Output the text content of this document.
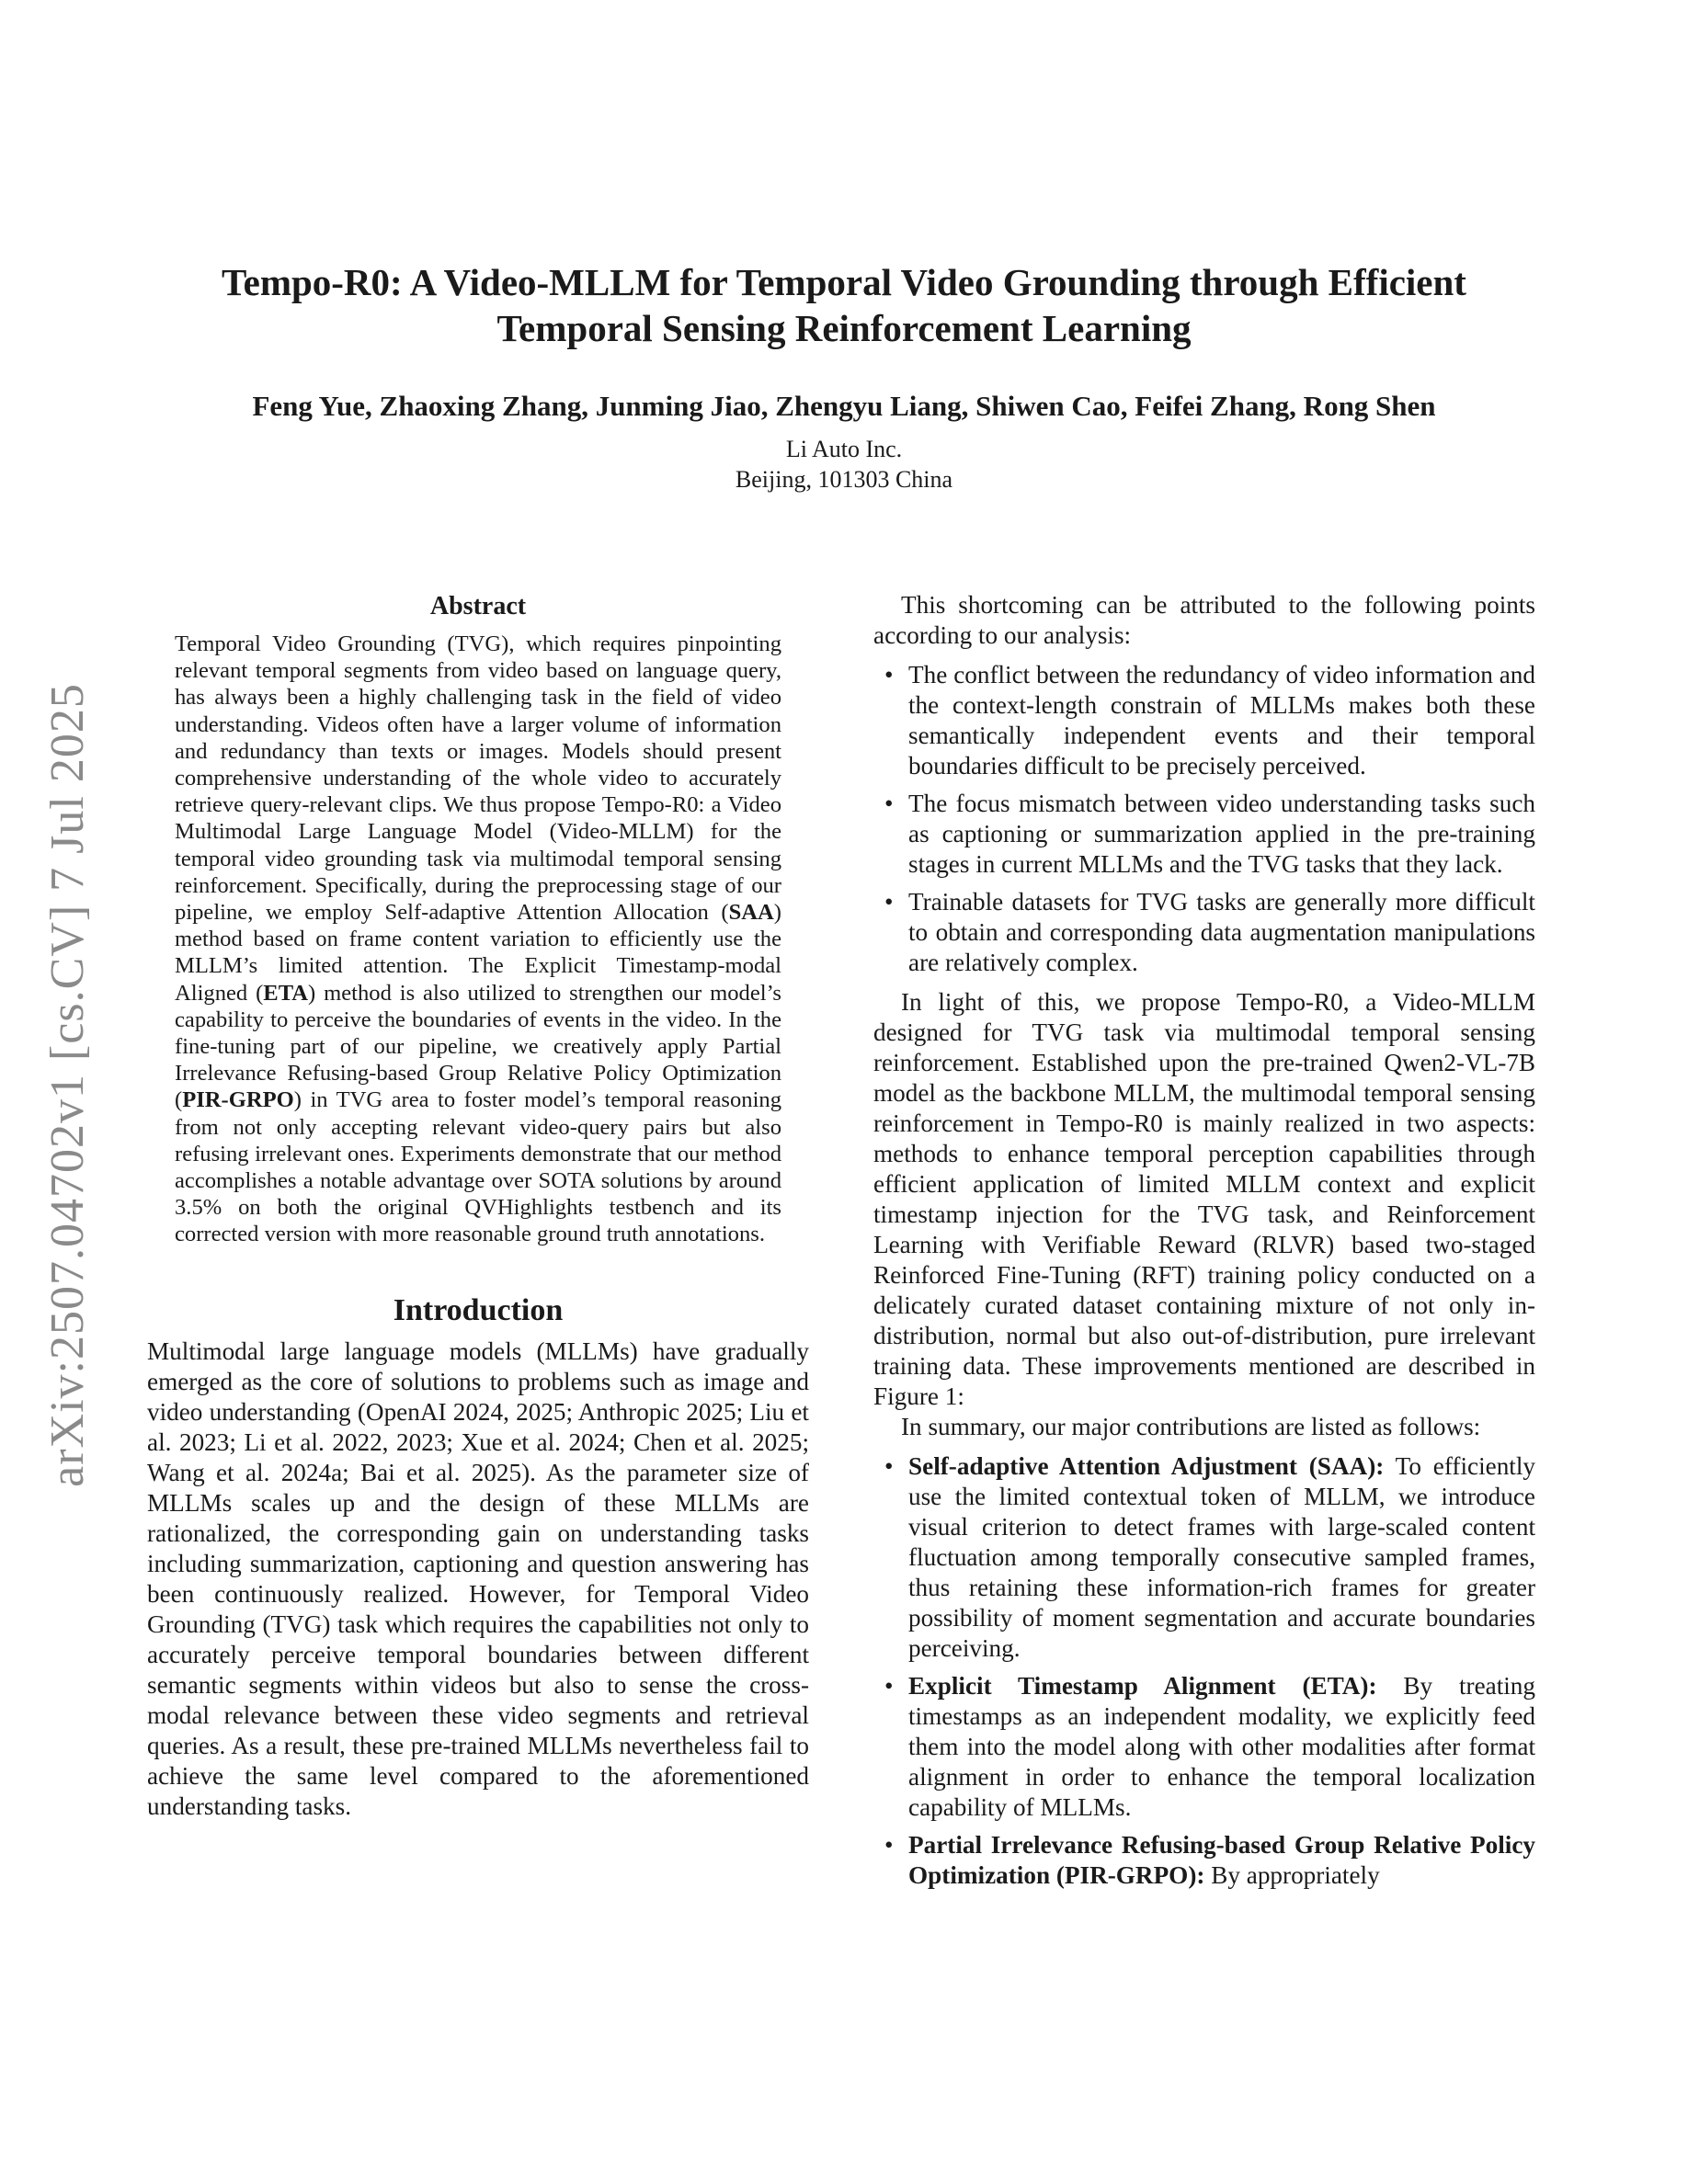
arXiv:2507.04702v1 [cs.CV] 7 Jul 2025
Tempo-R0: A Video-MLLM for Temporal Video Grounding through Efficient
Temporal Sensing Reinforcement Learning
Feng Yue, Zhaoxing Zhang, Junming Jiao, Zhengyu Liang, Shiwen Cao, Feifei Zhang, Rong Shen
Li Auto Inc.
Beijing, 101303 China
Abstract

Temporal Video Grounding (TVG), which requires pinpointing relevant temporal segments from video based on language query, has always been a highly challenging task in the field of video understanding. Videos often have a larger volume of information and redundancy than texts or images. Models should present comprehensive understanding of the whole video to accurately retrieve query-relevant clips. We thus propose Tempo-R0: a Video Multimodal Large Language Model (Video-MLLM) for the temporal video grounding task via multimodal temporal sensing reinforcement. Specifically, during the preprocessing stage of our pipeline, we employ Self-adaptive Attention Allocation (SAA) method based on frame content variation to efficiently use the MLLM’s limited attention. The Explicit Timestamp-modal Aligned (ETA) method is also utilized to strengthen our model’s capability to perceive the boundaries of events in the video. In the fine-tuning part of our pipeline, we creatively apply Partial Irrelevance Refusing-based Group Relative Policy Optimization (PIR-GRPO) in TVG area to foster model’s temporal reasoning from not only accepting relevant video-query pairs but also refusing irrelevant ones. Experiments demonstrate that our method accomplishes a notable advantage over SOTA solutions by around 3.5% on both the original QVHighlights testbench and its corrected version with more reasonable ground truth annotations.

Introduction

Multimodal large language models (MLLMs) have gradually emerged as the core of solutions to problems such as image and video understanding (OpenAI 2024, 2025; Anthropic 2025; Liu et al. 2023; Li et al. 2022, 2023; Xue et al. 2024; Chen et al. 2025; Wang et al. 2024a; Bai et al. 2025). As the parameter size of MLLMs scales up and the design of these MLLMs are rationalized, the corresponding gain on understanding tasks including summarization, captioning and question answering has been continuously realized. However, for Temporal Video Grounding (TVG) task which requires the capabilities not only to accurately perceive temporal boundaries between different semantic segments within videos but also to sense the cross-modal relevance between these video segments and retrieval queries. As a result, these pre-trained MLLMs nevertheless fail to achieve the same level compared to the aforementioned understanding tasks.

This shortcoming can be attributed to the following points according to our analysis:

• The conflict between the redundancy of video information and the context-length constrain of MLLMs makes both these semantically independent events and their temporal boundaries difficult to be precisely perceived.
• The focus mismatch between video understanding tasks such as captioning or summarization applied in the pre-training stages in current MLLMs and the TVG tasks that they lack.
• Trainable datasets for TVG tasks are generally more difficult to obtain and corresponding data augmentation manipulations are relatively complex.

In light of this, we propose Tempo-R0, a Video-MLLM designed for TVG task via multimodal temporal sensing reinforcement. Established upon the pre-trained Qwen2-VL-7B model as the backbone MLLM, the multimodal temporal sensing reinforcement in Tempo-R0 is mainly realized in two aspects: methods to enhance temporal perception capabilities through efficient application of limited MLLM context and explicit timestamp injection for the TVG task, and Reinforcement Learning with Verifiable Reward (RLVR) based two-staged Reinforced Fine-Tuning (RFT) training policy conducted on a delicately curated dataset containing mixture of not only in-distribution, normal but also out-of-distribution, pure irrelevant training data. These improvements mentioned are described in Figure 1:

In summary, our major contributions are listed as follows:

• Self-adaptive Attention Adjustment (SAA): To efficiently use the limited contextual token of MLLM, we introduce visual criterion to detect frames with large-scaled content fluctuation among temporally consecutive sampled frames, thus retaining these information-rich frames for greater possibility of moment segmentation and accurate boundaries perceiving.
• Explicit Timestamp Alignment (ETA): By treating timestamps as an independent modality, we explicitly feed them into the model along with other modalities after format alignment in order to enhance the temporal localization capability of MLLMs.
• Partial Irrelevance Refusing-based Group Relative Policy Optimization (PIR-GRPO): By appropriately
